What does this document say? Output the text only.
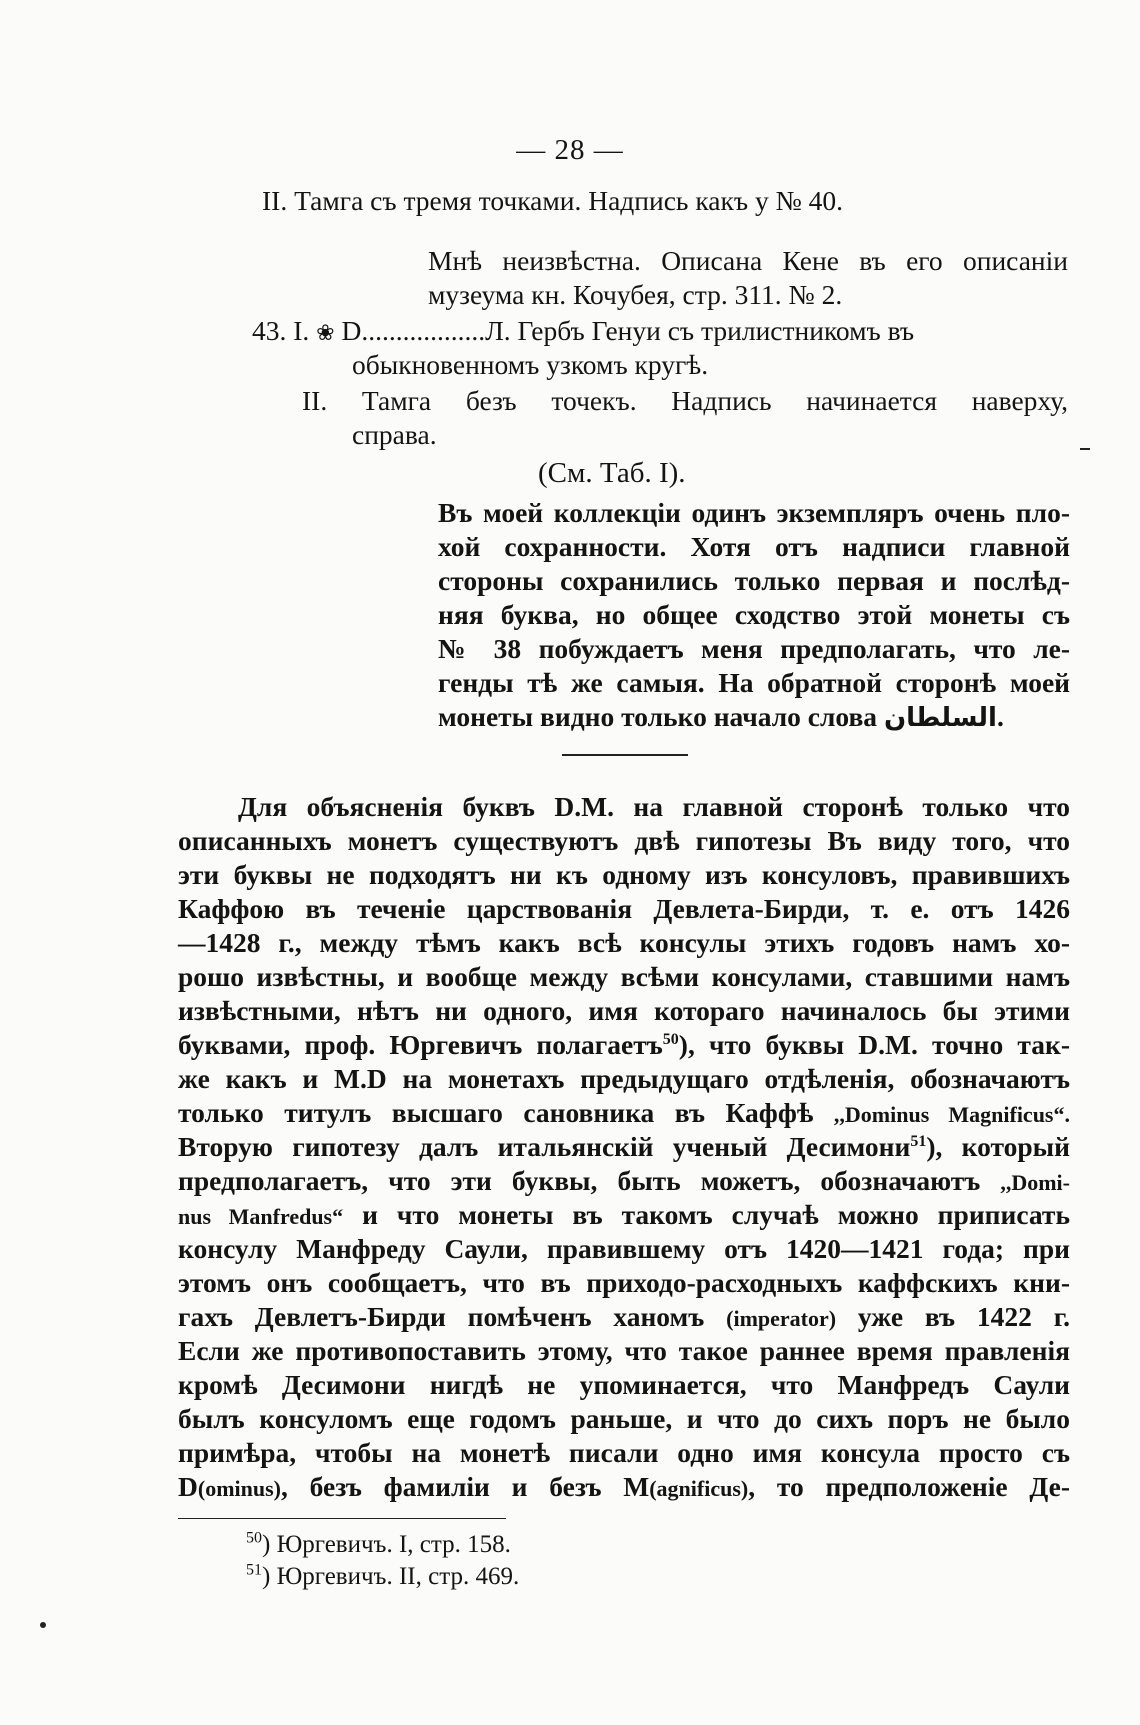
— 28 —
II. Тамга съ тремя точками. Надпись какъ у № 40.
Мнѣ неизвѣстна. Описана Кене въ его описаніи
музеума кн. Кочубея, стр. 311. № 2.
43. I. ❀ D..................Л. Гербъ Генуи съ трилистникомъ въ
обыкновенномъ узкомъ кругѣ.
II. Тамга безъ точекъ. Надпись начинается наверху,
справа.
(См. Таб. I).
Въ моей коллекціи одинъ экземпляръ очень пло-
хой сохранности. Хотя отъ надписи главной
стороны сохранились только первая и послѣд-
няя буква, но общее сходство этой монеты съ
№ 38 побуждаетъ меня предполагать, что ле-
генды тѣ же самыя. На обратной сторонѣ моей
монеты видно только начало слова السلطان.
Для объясненія буквъ D.M. на главной сторонѣ только что
описанныхъ монетъ существуютъ двѣ гипотезы Въ виду того, что
эти буквы не подходятъ ни къ одному изъ консуловъ, правившихъ
Каффою въ теченіе царствованія Девлета-Бирди, т. е. отъ 1426
—1428 г., между тѣмъ какъ всѣ консулы этихъ годовъ намъ хо-
рошо извѣстны, и вообще между всѣми консулами, ставшими намъ
извѣстными, нѣтъ ни одного, имя котораго начиналось бы этими
буквами, проф. Юргевичъ полагаетъ$^{50}$), что буквы D.M. точно так-
же какъ и M.D на монетахъ предыдущаго отдѣленія, обозначаютъ
только титулъ высшаго сановника въ Каффѣ ,,Dominus Magnificus“.
Вторую гипотезу далъ итальянскій ученый Десимони$^{51}$), который
предполагаетъ, что эти буквы, быть можетъ, обозначаютъ ,,Domi-
nus Manfredus“ и что монеты въ такомъ случаѣ можно приписать
консулу Манфреду Саули, правившему отъ 1420—1421 года; при
этомъ онъ сообщаетъ, что въ приходо-расходныхъ каффскихъ кни-
гахъ Девлетъ-Бирди помѣченъ ханомъ (imperator) уже въ 1422 г.
Если же противопоставить этому, что такое раннее время правленія
кромѣ Десимони нигдѣ не упоминается, что Манфредъ Саули
былъ консуломъ еще годомъ раньше, и что до сихъ поръ не было
примѣра, чтобы на монетѣ писали одно имя консула просто съ
D(ominus), безъ фамиліи и безъ M(agnificus), то предположеніе Де-
$^{50}$) Юргевичъ. I, стр. 158.
$^{51}$) Юргевичъ. II, стр. 469.
